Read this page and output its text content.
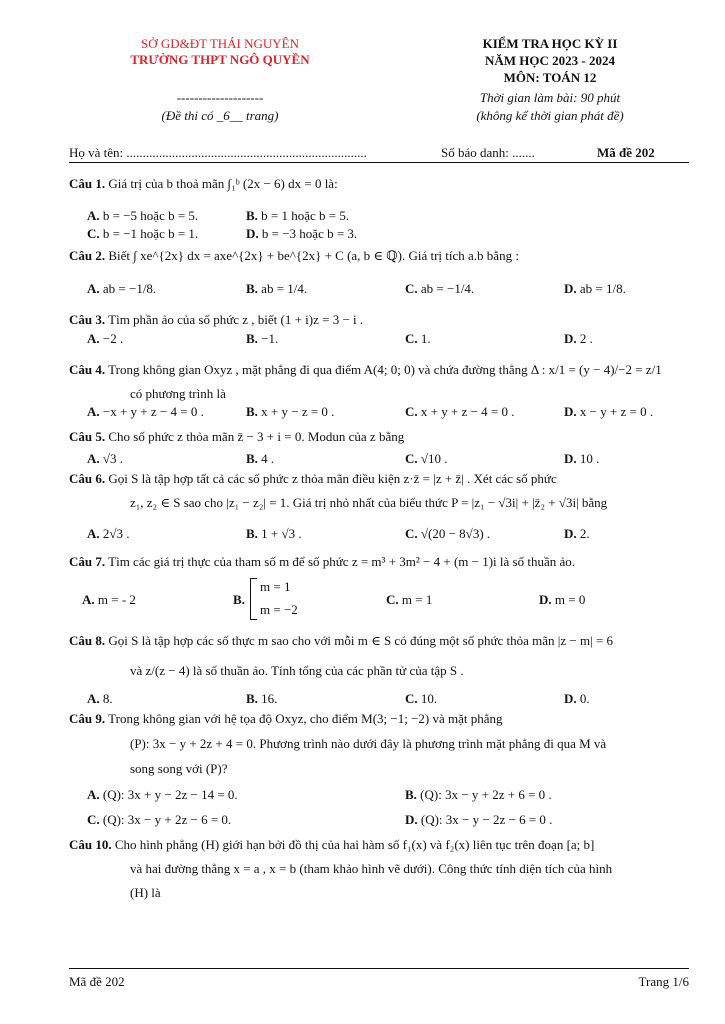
SỞ GD&ĐT THÁI NGUYÊN
TRƯỜNG THPT NGÔ QUYỀN
--------------------
(Đề thi có _6__ trang)
KIỂM TRA HỌC KỲ II
NĂM HỌC 2023 - 2024
MÔN: TOÁN 12
Thời gian làm bài: 90 phút
(không kể thời gian phát đề)
Họ và tên: ..........................................................................	Số báo danh: .......	Mã đề 202
Câu 1. Giá trị của b thoả mãn ∫₁ᵇ (2x − 6) dx = 0 là:
A. b = −5 hoặc b = 5.	B. b = 1 hoặc b = 5.
C. b = −1 hoặc b = 1.	D. b = −3 hoặc b = 3.
Câu 2. Biết ∫ xe^{2x} dx = axe^{2x} + be^{2x} + C (a, b ∈ ℚ). Giá trị tích a.b bằng :
A. ab = −1/8.	B. ab = 1/4.	C. ab = −1/4.	D. ab = 1/8.
Câu 3. Tìm phần ảo của số phức z , biết (1 + i)z = 3 − i .
A. −2 .	B. −1.	C. 1.	D. 2 .
Câu 4. Trong không gian Oxyz , mặt phẳng đi qua điểm A(4; 0; 0) và chứa đường thẳng Δ : x/1 = (y − 4)/−2 = z/1
có phương trình là
A. −x + y + z − 4 = 0 .	B. x + y − z = 0 .	C. x + y + z − 4 = 0 .	D. x − y + z = 0 .
Câu 5. Cho số phức z thỏa mãn z̄ − 3 + i = 0. Modun của z bằng
A. √3 .	B. 4 .	C. √10 .	D. 10 .
Câu 6. Gọi S là tập hợp tất cả các số phức z thỏa mãn điều kiện z·z̄ = |z + z̄| . Xét các số phức
z₁, z₂ ∈ S sao cho |z₁ − z₂| = 1. Giá trị nhỏ nhất của biểu thức P = |z₁ − √3i| + |z̄₂ + √3i| bằng
A. 2√3 .	B. 1 + √3 .	C. √(20 − 8√3) .	D. 2.
Câu 7. Tìm các giá trị thực của tham số m để số phức z = m³ + 3m² − 4 + (m − 1)i là số thuần ảo.
A. m = - 2	B.
m = 1
m = −2
C. m = 1	D. m = 0
Câu 8. Gọi S là tập hợp các số thực m sao cho với mỗi m ∈ S có đúng một số phức thỏa mãn |z − m| = 6
và z/(z − 4) là số thuần ảo. Tính tổng của các phần tử của tập S .
A. 8.	B. 16.	C. 10.	D. 0.
Câu 9. Trong không gian với hệ tọa độ Oxyz, cho điểm M(3; −1; −2) và mặt phẳng
(P): 3x − y + 2z + 4 = 0. Phương trình nào dưới đây là phương trình mặt phẳng đi qua M và
song song với (P)?
A. (Q): 3x + y − 2z − 14 = 0.	B. (Q): 3x − y + 2z + 6 = 0 .
C. (Q): 3x − y + 2z − 6 = 0.	D. (Q): 3x − y − 2z − 6 = 0 .
Câu 10. Cho hình phẳng (H) giới hạn bởi đồ thị của hai hàm số f₁(x) và f₂(x) liên tục trên đoạn [a; b]
và hai đường thẳng x = a , x = b (tham khảo hình vẽ dưới). Công thức tính diện tích của hình
(H) là
Mã đề 202	Trang 1/6
